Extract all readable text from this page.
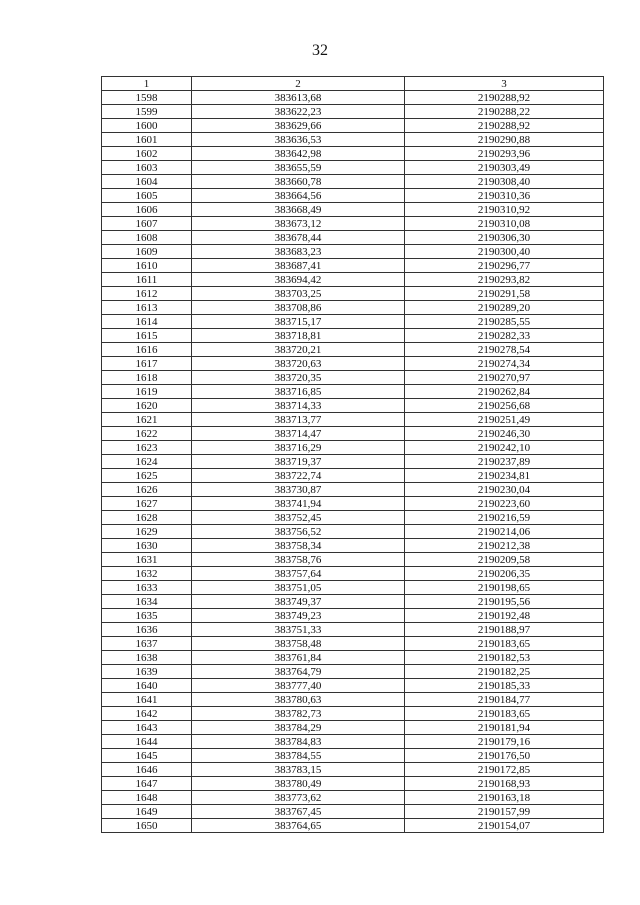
32
1	2	3
1598	383613,68	2190288,92
1599	383622,23	2190288,22
1600	383629,66	2190288,92
1601	383636,53	2190290,88
1602	383642,98	2190293,96
1603	383655,59	2190303,49
1604	383660,78	2190308,40
1605	383664,56	2190310,36
1606	383668,49	2190310,92
1607	383673,12	2190310,08
1608	383678,44	2190306,30
1609	383683,23	2190300,40
1610	383687,41	2190296,77
1611	383694,42	2190293,82
1612	383703,25	2190291,58
1613	383708,86	2190289,20
1614	383715,17	2190285,55
1615	383718,81	2190282,33
1616	383720,21	2190278,54
1617	383720,63	2190274,34
1618	383720,35	2190270,97
1619	383716,85	2190262,84
1620	383714,33	2190256,68
1621	383713,77	2190251,49
1622	383714,47	2190246,30
1623	383716,29	2190242,10
1624	383719,37	2190237,89
1625	383722,74	2190234,81
1626	383730,87	2190230,04
1627	383741,94	2190223,60
1628	383752,45	2190216,59
1629	383756,52	2190214,06
1630	383758,34	2190212,38
1631	383758,76	2190209,58
1632	383757,64	2190206,35
1633	383751,05	2190198,65
1634	383749,37	2190195,56
1635	383749,23	2190192,48
1636	383751,33	2190188,97
1637	383758,48	2190183,65
1638	383761,84	2190182,53
1639	383764,79	2190182,25
1640	383777,40	2190185,33
1641	383780,63	2190184,77
1642	383782,73	2190183,65
1643	383784,29	2190181,94
1644	383784,83	2190179,16
1645	383784,55	2190176,50
1646	383783,15	2190172,85
1647	383780,49	2190168,93
1648	383773,62	2190163,18
1649	383767,45	2190157,99
1650	383764,65	2190154,07
